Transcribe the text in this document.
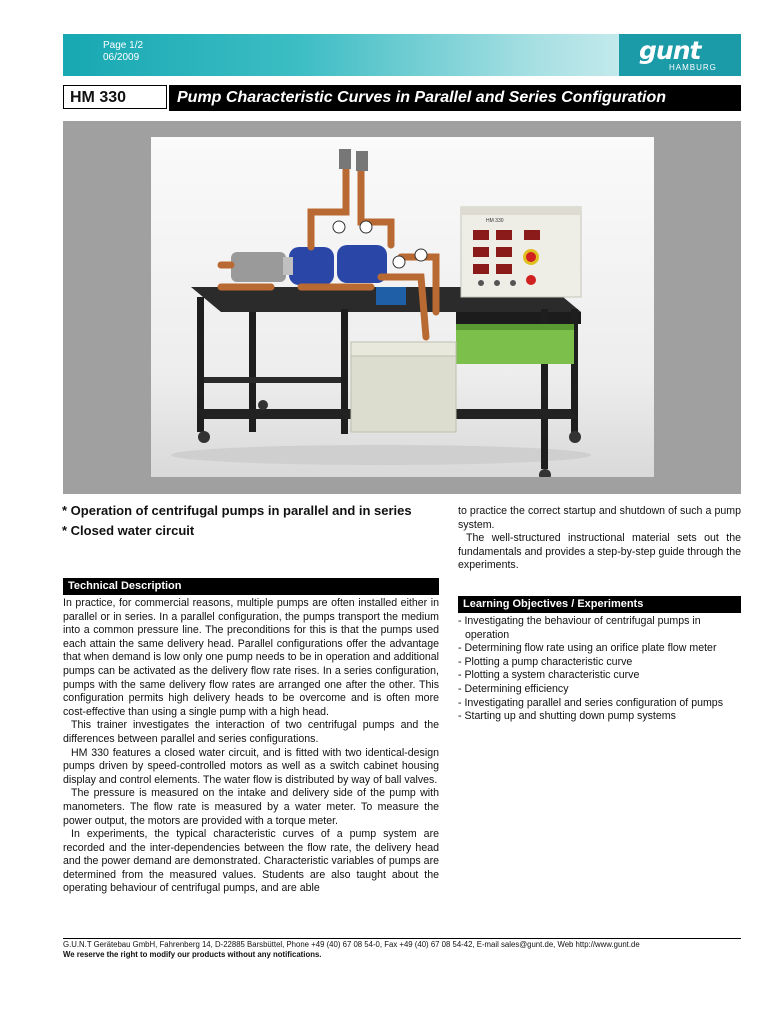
Page 1/2
06/2009	gunt
HAMBURG
HM 330	Pump Characteristic Curves in Parallel and Series Configuration
HM 330
* Operation of centrifugal pumps in parallel and in series
* Closed water circuit
Technical Description

In practice, for commercial reasons, multiple pumps are often installed either in parallel or in series. In a parallel configuration, the pumps transport the medium into a common pressure line. The preconditions for this is that the pumps used each attain the same delivery head. Parallel configurations offer the advantage that when demand is low only one pump needs to be in operation and additional pumps can be activated as the delivery flow rate rises. In a series configuration, pumps with the same delivery flow rates are arranged one after the other. This configuration permits high delivery heads to be overcome and is often more cost-effective than using a single pump with a high head.

This trainer investigates the interaction of two centrifugal pumps and the differences between parallel and series configurations.

HM 330 features a closed water circuit, and is fitted with two identical-design pumps driven by speed-controlled motors as well as a switch cabinet housing display and control elements. The water flow is distributed by way of ball valves.

The pressure is measured on the intake and delivery side of the pump with manometers. The flow rate is measured by a water meter. To measure the power output, the motors are provided with a torque meter.

In experiments, the typical characteristic curves of a pump system are recorded and the inter-dependencies between the flow rate, the delivery head and the power demand are demonstrated. Characteristic variables of pumps are determined from the measured values. Students are also taught about the operating behaviour of centrifugal pumps, and are able

to practice the correct startup and shutdown of such a pump system.

The well-structured instructional material sets out the fundamentals and provides a step-by-step guide through the experiments.

Learning Objectives / Experiments
- Investigating the behaviour of centrifugal pumps in operation
- Determining flow rate using an orifice plate flow meter
- Plotting a pump characteristic curve
- Plotting a system characteristic curve
- Determining efficiency
- Investigating parallel and series configuration of pumps
- Starting up and shutting down pump systems
G.U.N.T Gerätebau GmbH, Fahrenberg 14, D-22885 Barsbüttel, Phone +49 (40) 67 08 54-0, Fax +49 (40) 67 08 54-42, E-mail sales@gunt.de, Web http://www.gunt.de
We reserve the right to modify our products without any notifications.
